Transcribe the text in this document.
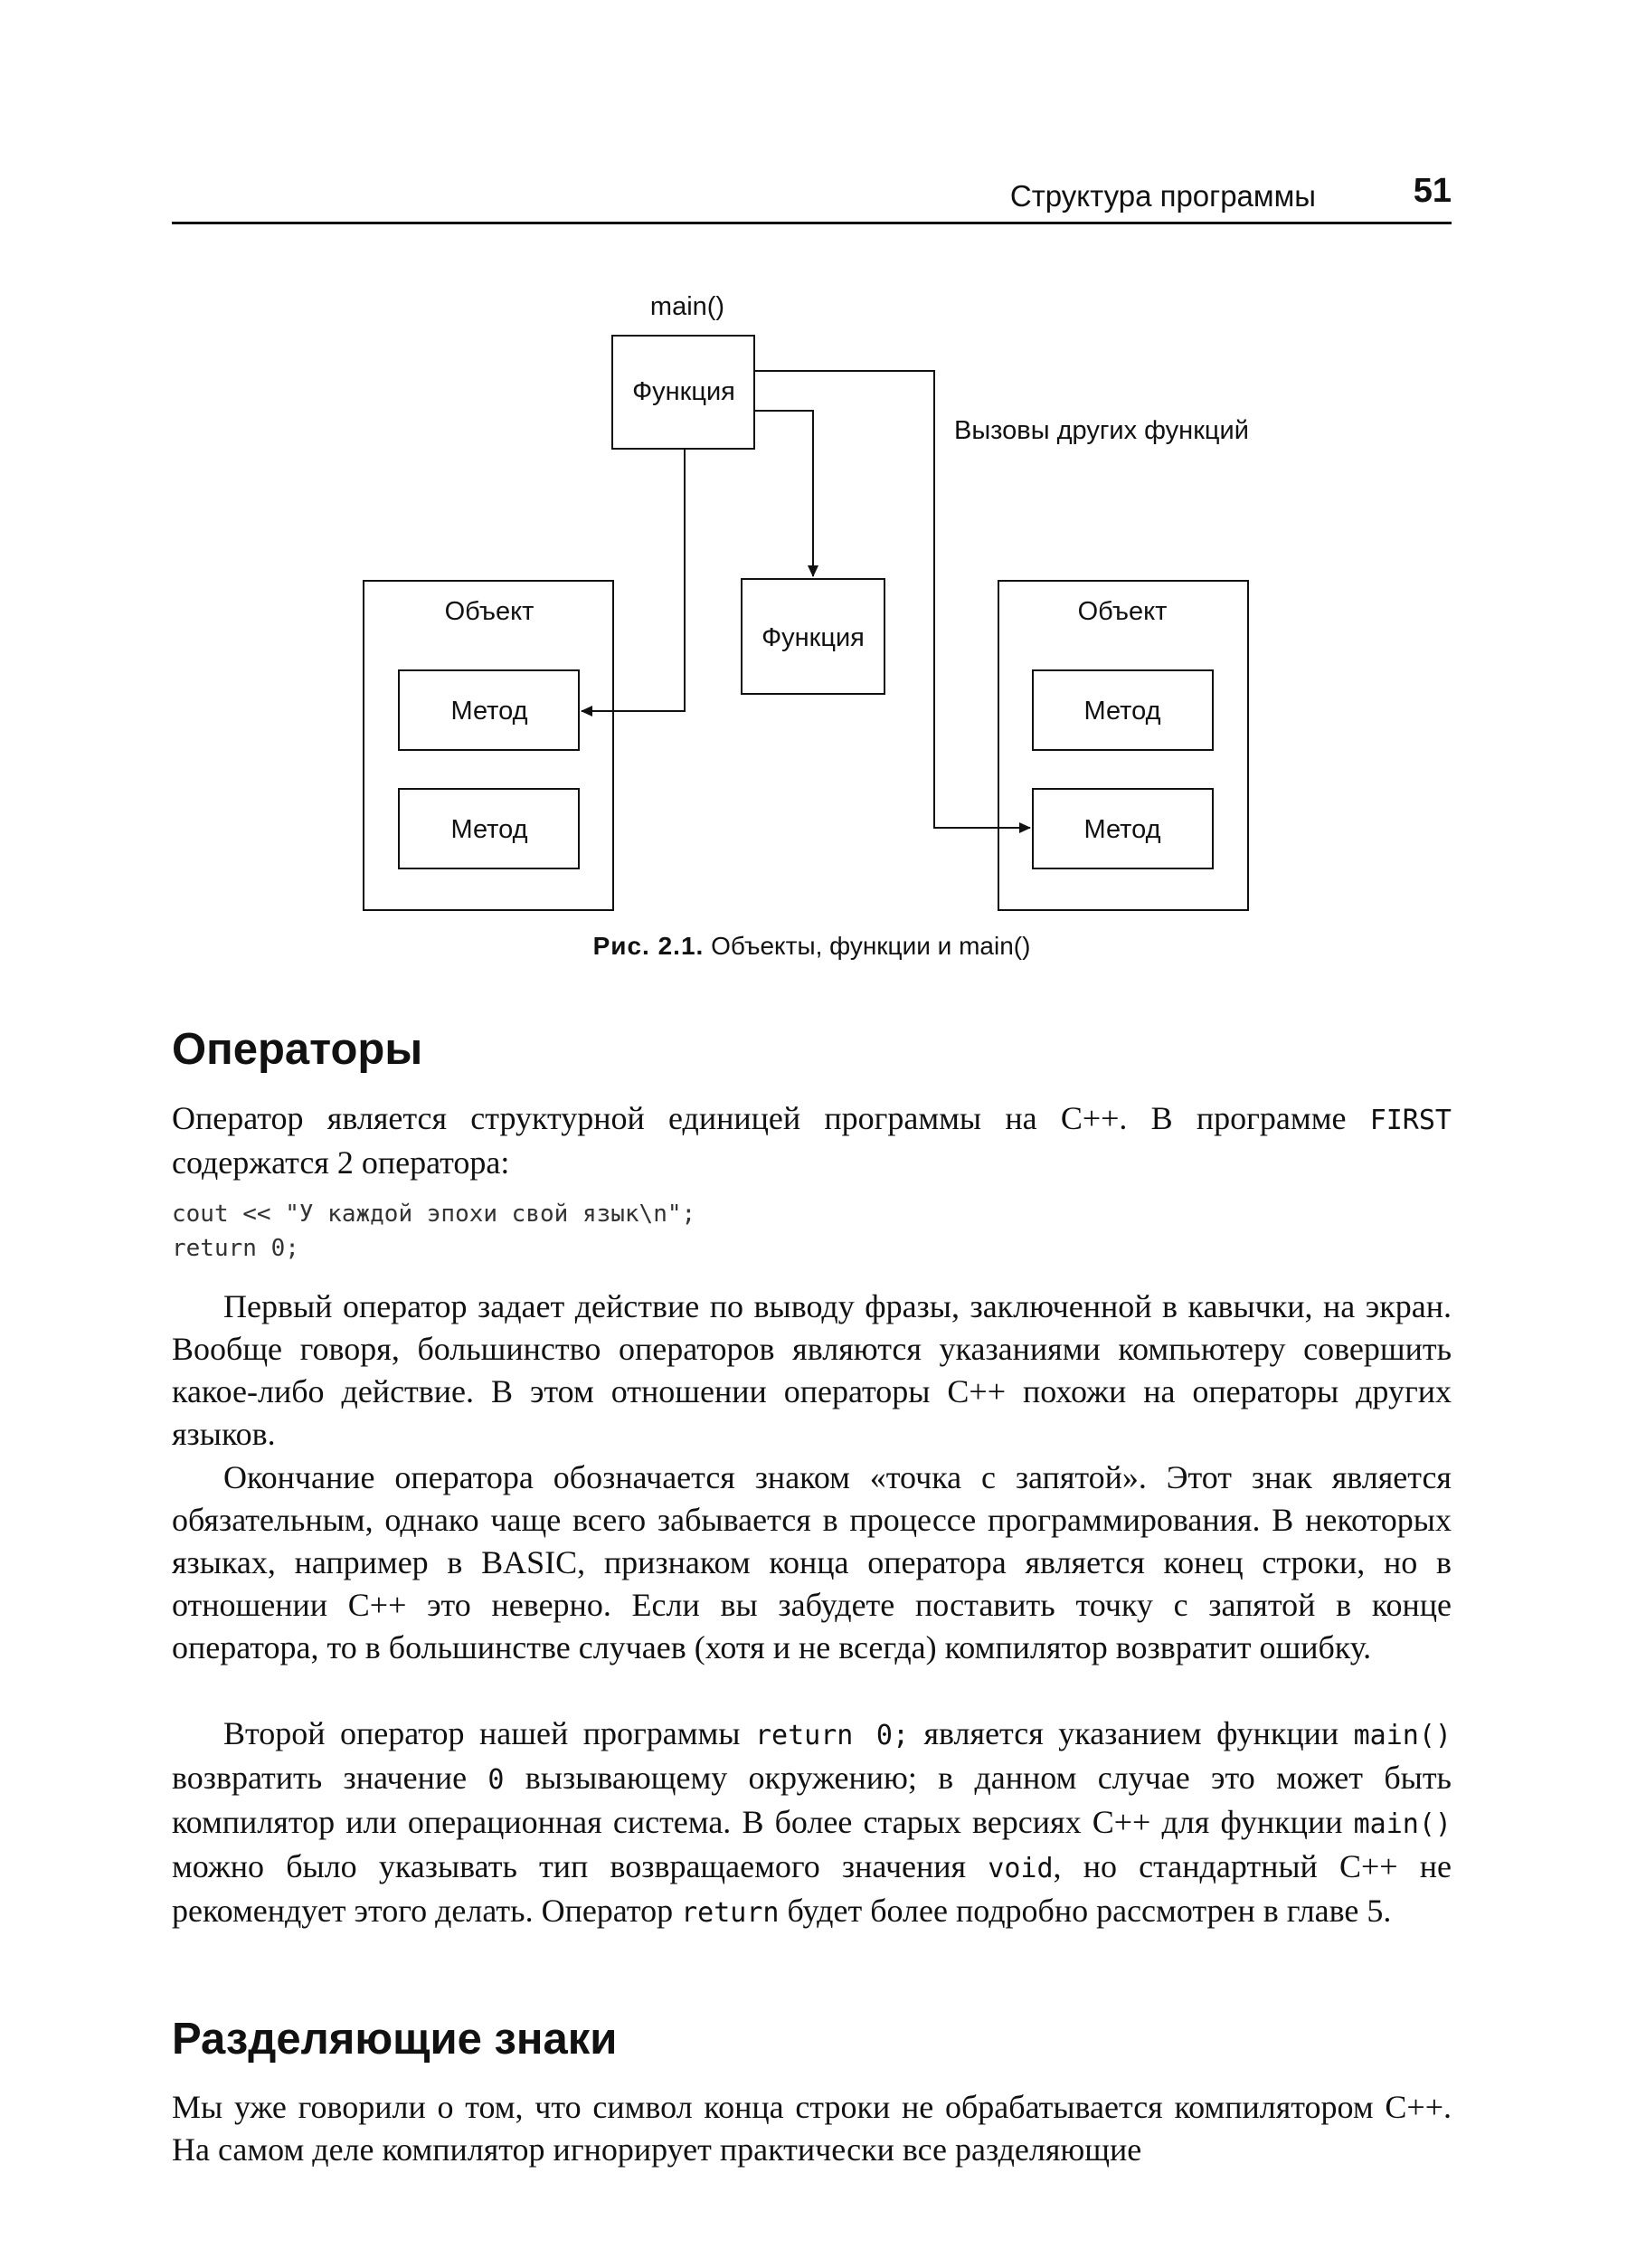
Структура программы	51
main()
Функция
Вызовы других функций
Функция
Объект
Метод
Метод
Объект
Метод
Метод
Рис. 2.1. Объекты, функции и main()
Операторы

Оператор является структурной единицей программы на C++. В программе FIRST содержатся 2 оператора:

cout << "У каждой эпохи свой язык\n";
return 0;

Первый оператор задает действие по выводу фразы, заключенной в кавычки, на экран. Вообще говоря, большинство операторов являются указаниями компьютеру совершить какое-либо действие. В этом отношении операторы C++ похожи на операторы других языков.

Окончание оператора обозначается знаком «точка с запятой». Этот знак является обязательным, однако чаще всего забывается в процессе программирования. В некоторых языках, например в BASIC, признаком конца оператора является конец строки, но в отношении C++ это неверно. Если вы забудете поставить точку с запятой в конце оператора, то в большинстве случаев (хотя и не всегда) компилятор возвратит ошибку.

Второй оператор нашей программы return 0; является указанием функции main() возвратить значение 0 вызывающему окружению; в данном случае это может быть компилятор или операционная система. В более старых версиях C++ для функции main() можно было указывать тип возвращаемого значения void, но стандартный C++ не рекомендует этого делать. Оператор return будет более подробно рассмотрен в главе 5.

Разделяющие знаки

Мы уже говорили о том, что символ конца строки не обрабатывается компилятором C++. На самом деле компилятор игнорирует практически все разделяющие
